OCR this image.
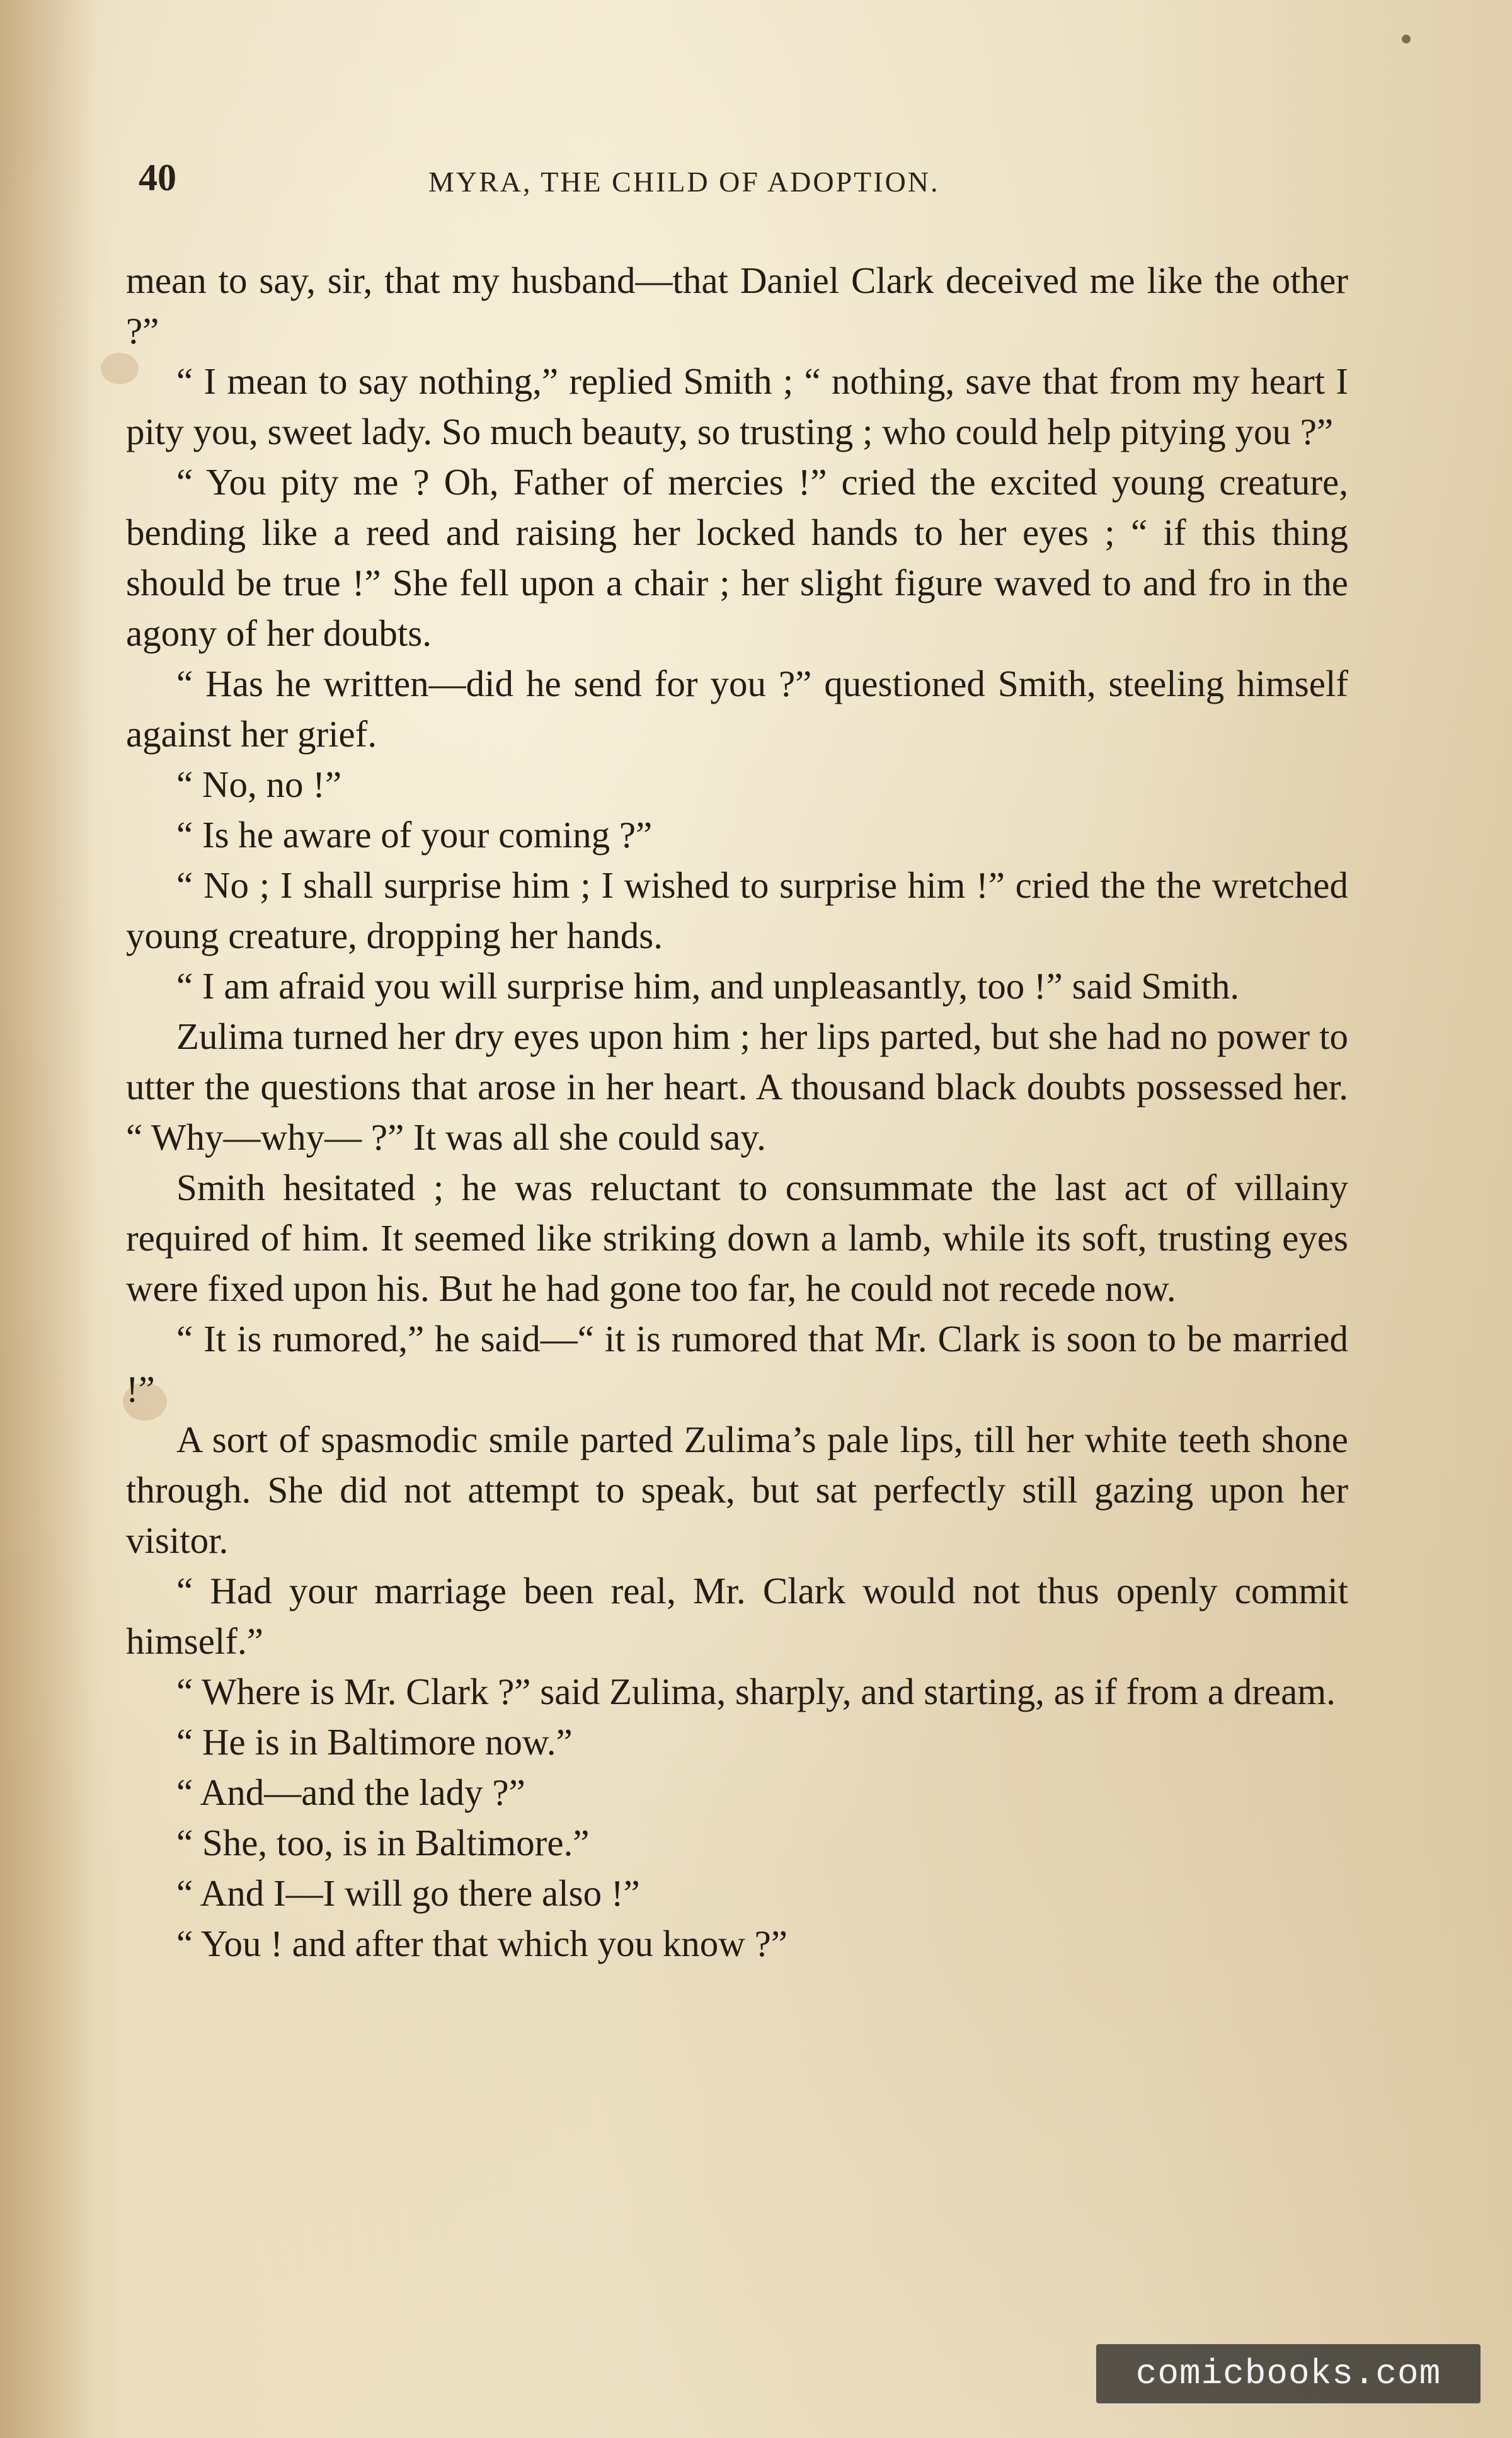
40	MYRA, THE CHILD OF ADOPTION.

mean to say, sir, that my husband—that Daniel Clark deceived me like the other ?”

“ I mean to say nothing,” replied Smith ; “ nothing, save that from my heart I pity you, sweet lady. So much beauty, so trusting ; who could help pitying you ?”

“ You pity me ? Oh, Father of mercies !” cried the excited young creature, bending like a reed and raising her locked hands to her eyes ; “ if this thing should be true !” She fell upon a chair ; her slight figure waved to and fro in the agony of her doubts.

“ Has he written—did he send for you ?” questioned Smith, steeling himself against her grief.

“ No, no !”

“ Is he aware of your coming ?”

“ No ; I shall surprise him ; I wished to surprise him !” cried the the wretched young creature, dropping her hands.

“ I am afraid you will surprise him, and unpleasantly, too !” said Smith.

Zulima turned her dry eyes upon him ; her lips parted, but she had no power to utter the questions that arose in her heart. A thousand black doubts possessed her. “ Why—why— ?” It was all she could say.

Smith hesitated ; he was reluctant to consummate the last act of villainy required of him. It seemed like striking down a lamb, while its soft, trusting eyes were fixed upon his. But he had gone too far, he could not recede now.

“ It is rumored,” he said—“ it is rumored that Mr. Clark is soon to be married !”

A sort of spasmodic smile parted Zulima’s pale lips, till her white teeth shone through. She did not attempt to speak, but sat perfectly still gazing upon her visitor.

“ Had your marriage been real, Mr. Clark would not thus openly commit himself.”

“ Where is Mr. Clark ?” said Zulima, sharply, and starting, as if from a dream.

“ He is in Baltimore now.”

“ And—and the lady ?”

“ She, too, is in Baltimore.”

“ And I—I will go there also !”

“ You ! and after that which you know ?”

comicbooks.com
